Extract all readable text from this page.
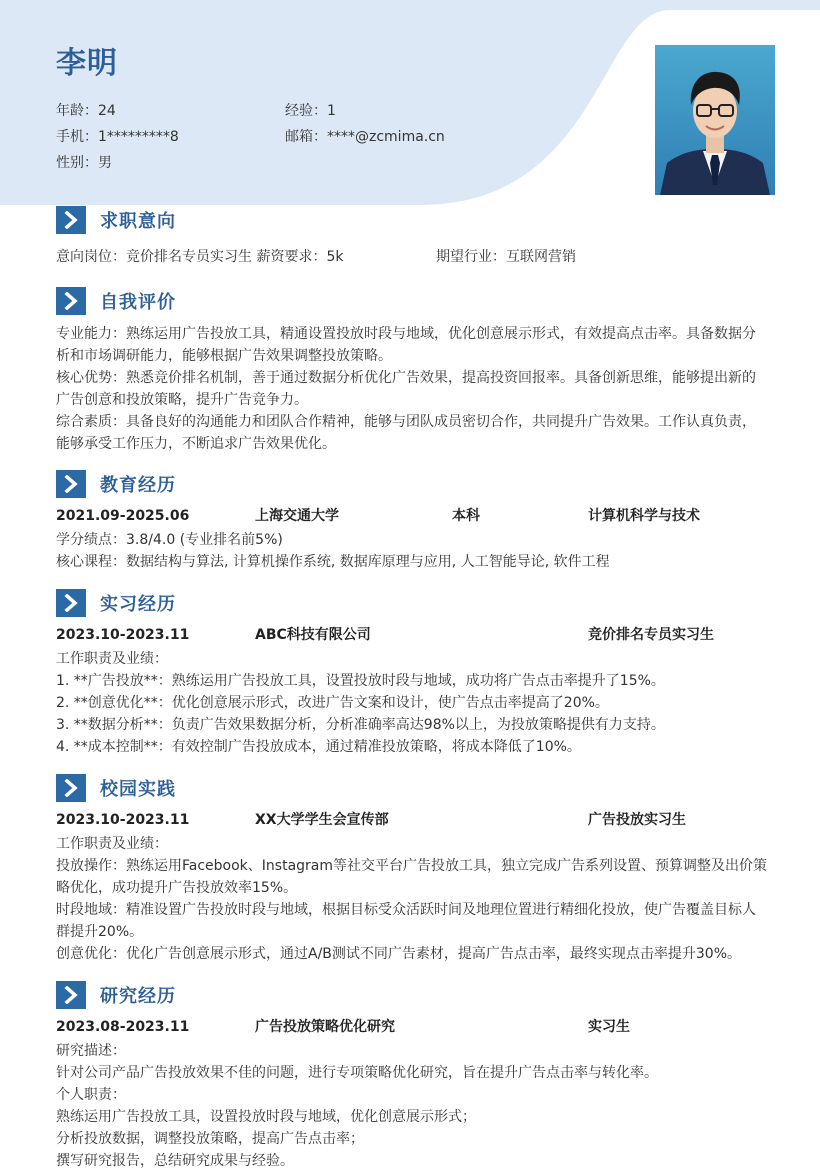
李明
年龄：24	经验：1
手机：1*********8	邮箱：****@zcmima.cn
性别：男
求职意向
意向岗位：竞价排名专员实习生 薪资要求：5k	期望行业：互联网营销
自我评价
专业能力：熟练运用广告投放工具，精通设置投放时段与地域，优化创意展示形式，有效提高点击率。具备数据分析和市场调研能力，能够根据广告效果调整投放策略。
核心优势：熟悉竞价排名机制，善于通过数据分析优化广告效果，提高投资回报率。具备创新思维，能够提出新的广告创意和投放策略，提升广告竞争力。
综合素质：具备良好的沟通能力和团队合作精神，能够与团队成员密切合作，共同提升广告效果。工作认真负责，能够承受工作压力，不断追求广告效果优化。
教育经历
2021.09-2025.06	上海交通大学	本科	计算机科学与技术
学分绩点：3.8/4.0 (专业排名前5%)
核心课程：数据结构与算法, 计算机操作系统, 数据库原理与应用, 人工智能导论, 软件工程
实习经历
2023.10-2023.11	ABC科技有限公司	竞价排名专员实习生
工作职责及业绩：
1. **广告投放**：熟练运用广告投放工具，设置投放时段与地域，成功将广告点击率提升了15%。
2. **创意优化**：优化创意展示形式，改进广告文案和设计，使广告点击率提高了20%。
3. **数据分析**：负责广告效果数据分析，分析准确率高达98%以上，为投放策略提供有力支持。
4. **成本控制**：有效控制广告投放成本，通过精准投放策略，将成本降低了10%。
校园实践
2023.10-2023.11	XX大学学生会宣传部	广告投放实习生
工作职责及业绩：
投放操作：熟练运用Facebook、Instagram等社交平台广告投放工具，独立完成广告系列设置、预算调整及出价策略优化，成功提升广告投放效率15%。
时段地域：精准设置广告投放时段与地域，根据目标受众活跃时间及地理位置进行精细化投放，使广告覆盖目标人群提升20%。
创意优化：优化广告创意展示形式，通过A/B测试不同广告素材，提高广告点击率，最终实现点击率提升30%。
研究经历
2023.08-2023.11	广告投放策略优化研究	实习生
研究描述：
针对公司产品广告投放效果不佳的问题，进行专项策略优化研究，旨在提升广告点击率与转化率。
个人职责：
熟练运用广告投放工具，设置投放时段与地域，优化创意展示形式；
分析投放数据，调整投放策略，提高广告点击率；
撰写研究报告，总结研究成果与经验。
